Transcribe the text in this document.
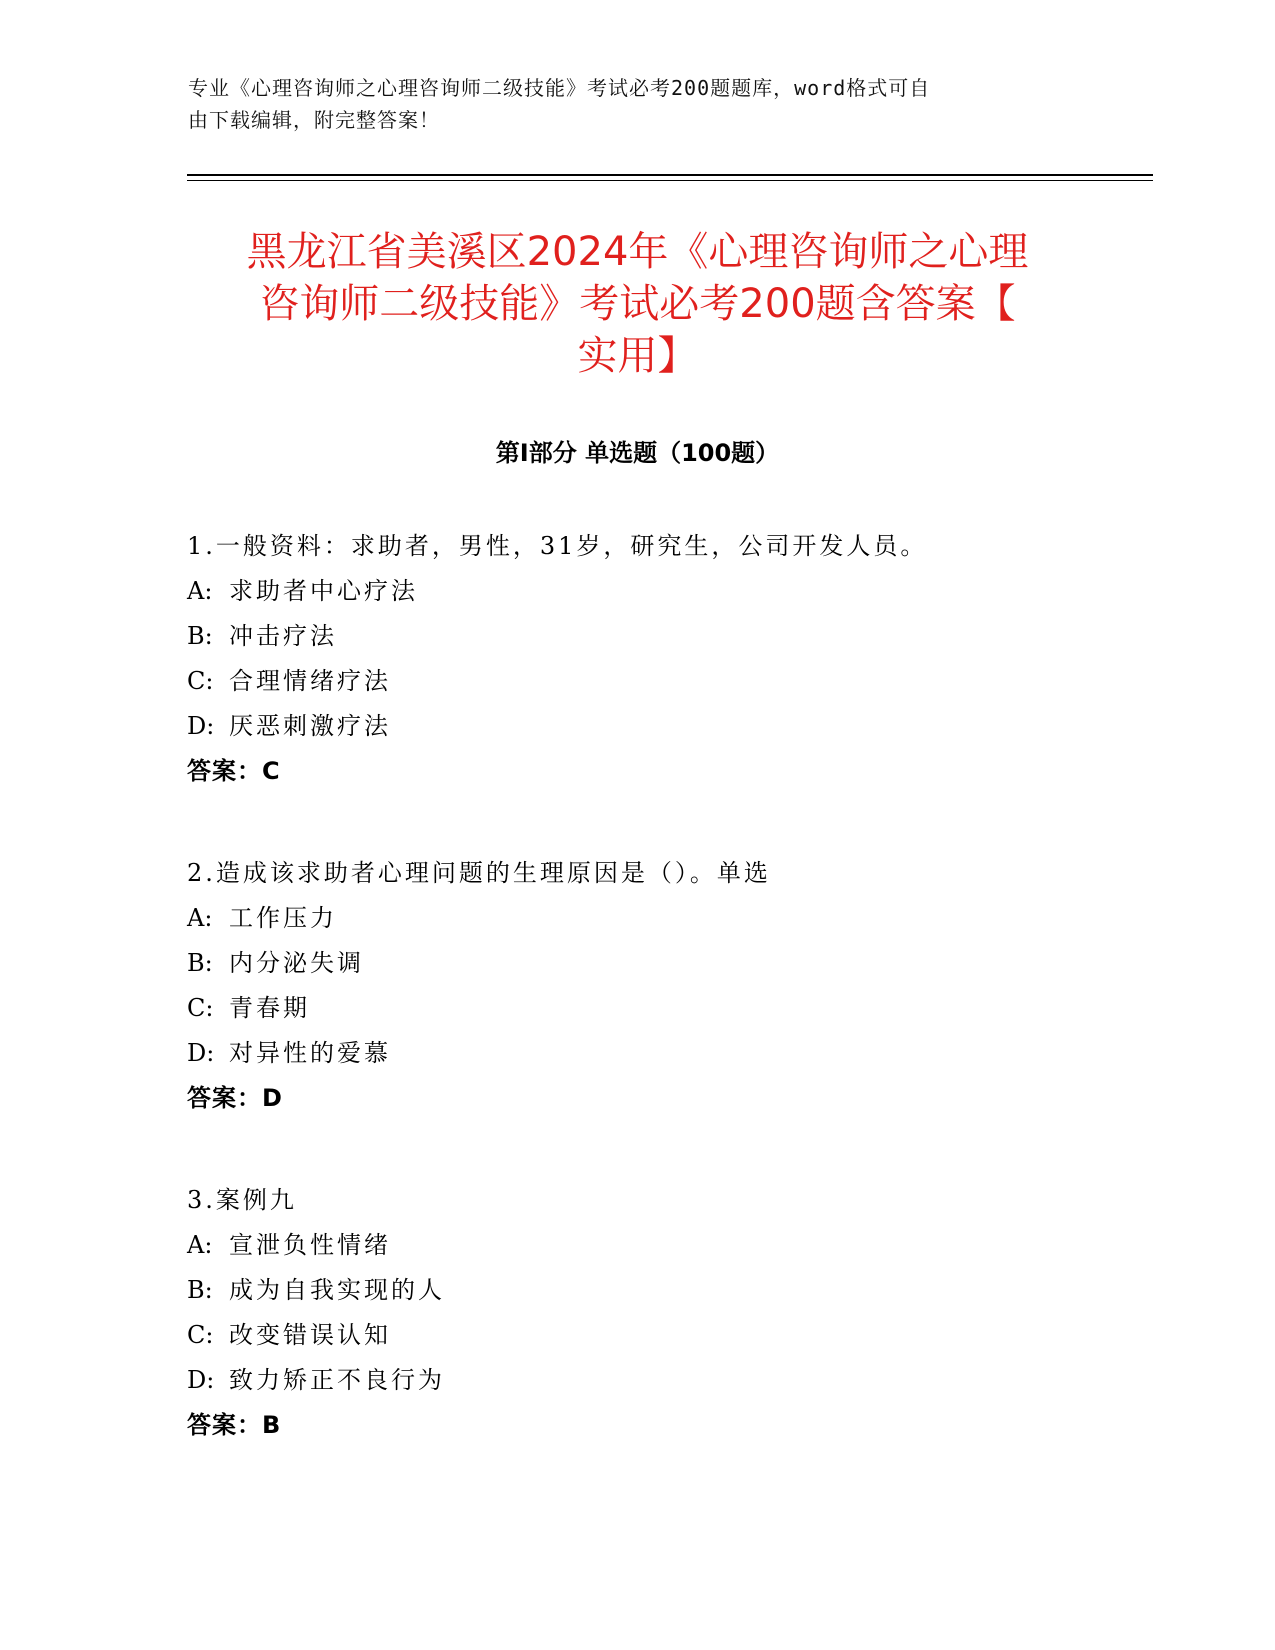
专业《心理咨询师之心理咨询师二级技能》考试必考200题题库，word格式可自
由下载编辑，附完整答案！
黑龙江省美溪区2024年《心理咨询师之心理
咨询师二级技能》考试必考200题含答案【
实用】
第Ⅰ部分 单选题（100题）
1.一般资料：求助者，男性，31岁，研究生，公司开发人员。
A: 求助者中心疗法
B: 冲击疗法
C: 合理情绪疗法
D: 厌恶刺激疗法
答案：C
2.造成该求助者心理问题的生理原因是（）。单选
A: 工作压力
B: 内分泌失调
C: 青春期
D: 对异性的爱慕
答案：D
3.案例九
A: 宣泄负性情绪
B: 成为自我实现的人
C: 改变错误认知
D: 致力矫正不良行为
答案：B
